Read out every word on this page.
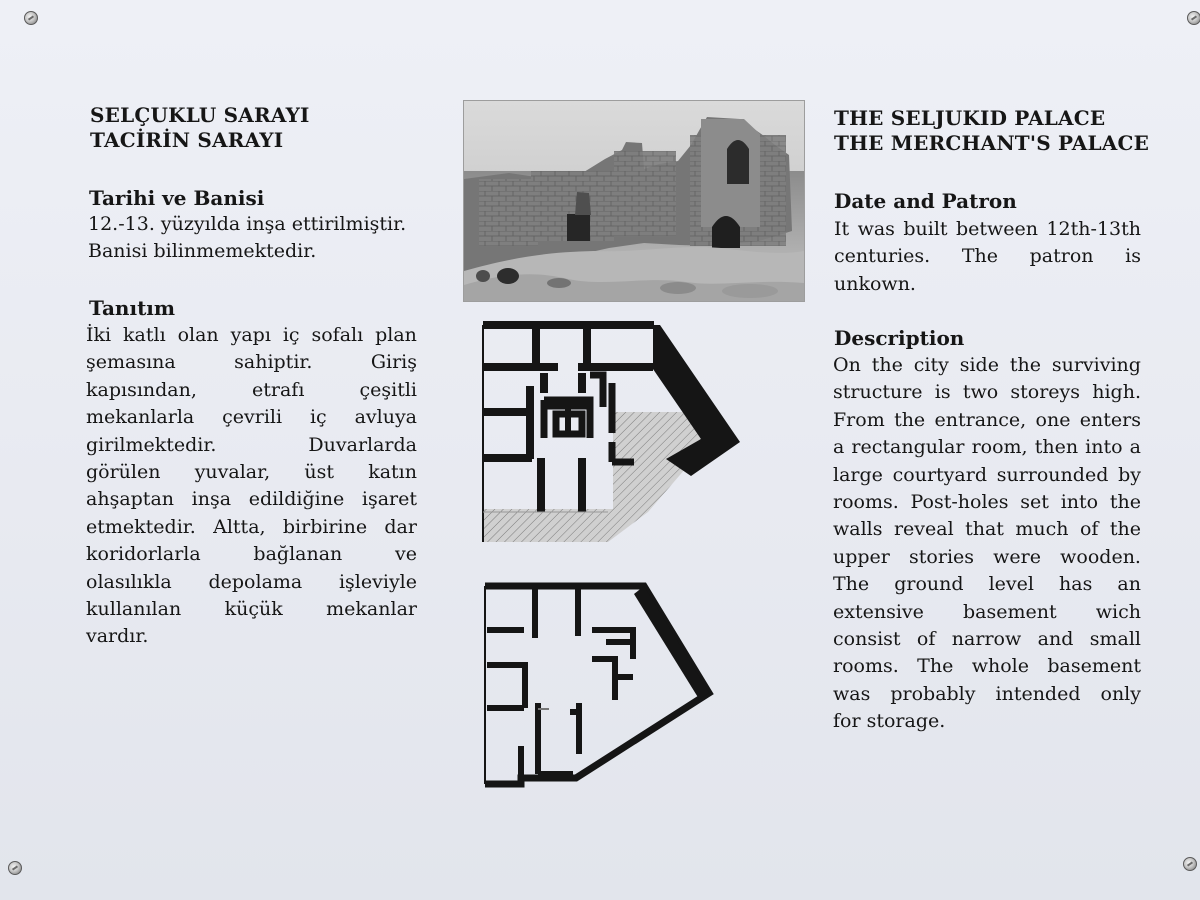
SELÇUKLU SARAYI
TACİRİN SARAYI
Tarihi ve Banisi
12.-13. yüzyılda inşa ettirilmiştir.
Banisi bilinmemektedir.
Tanıtım
İki katlı olan yapı iç sofalı plan
şemasına	sahiptir.	Giriş
kapısından,	etrafı	çeşitli
mekanlarla çevrili iç avluya
girilmektedir.	Duvarlarda
görülen yuvalar, üst katın
ahşaptan inşa edildiğine işaret
etmektedir. Altta, birbirine dar
koridorlarla	bağlanan	ve
olasılıkla depolama işleviyle
kullanılan küçük mekanlar
vardır.
THE SELJUKID PALACE
THE MERCHANT'S PALACE
Date and Patron
It was built between 12th-13th
centuries. The patron is
unkown.
Description
On the city side the surviving
structure is two storeys high.
From the entrance, one enters
a rectangular room, then into a
large courtyard surrounded by
rooms. Post-holes set into the
walls reveal that much of the
upper stories were wooden.
The ground level has an
extensive basement wich
consist of narrow and small
rooms. The whole basement
was probably intended only
for storage.
